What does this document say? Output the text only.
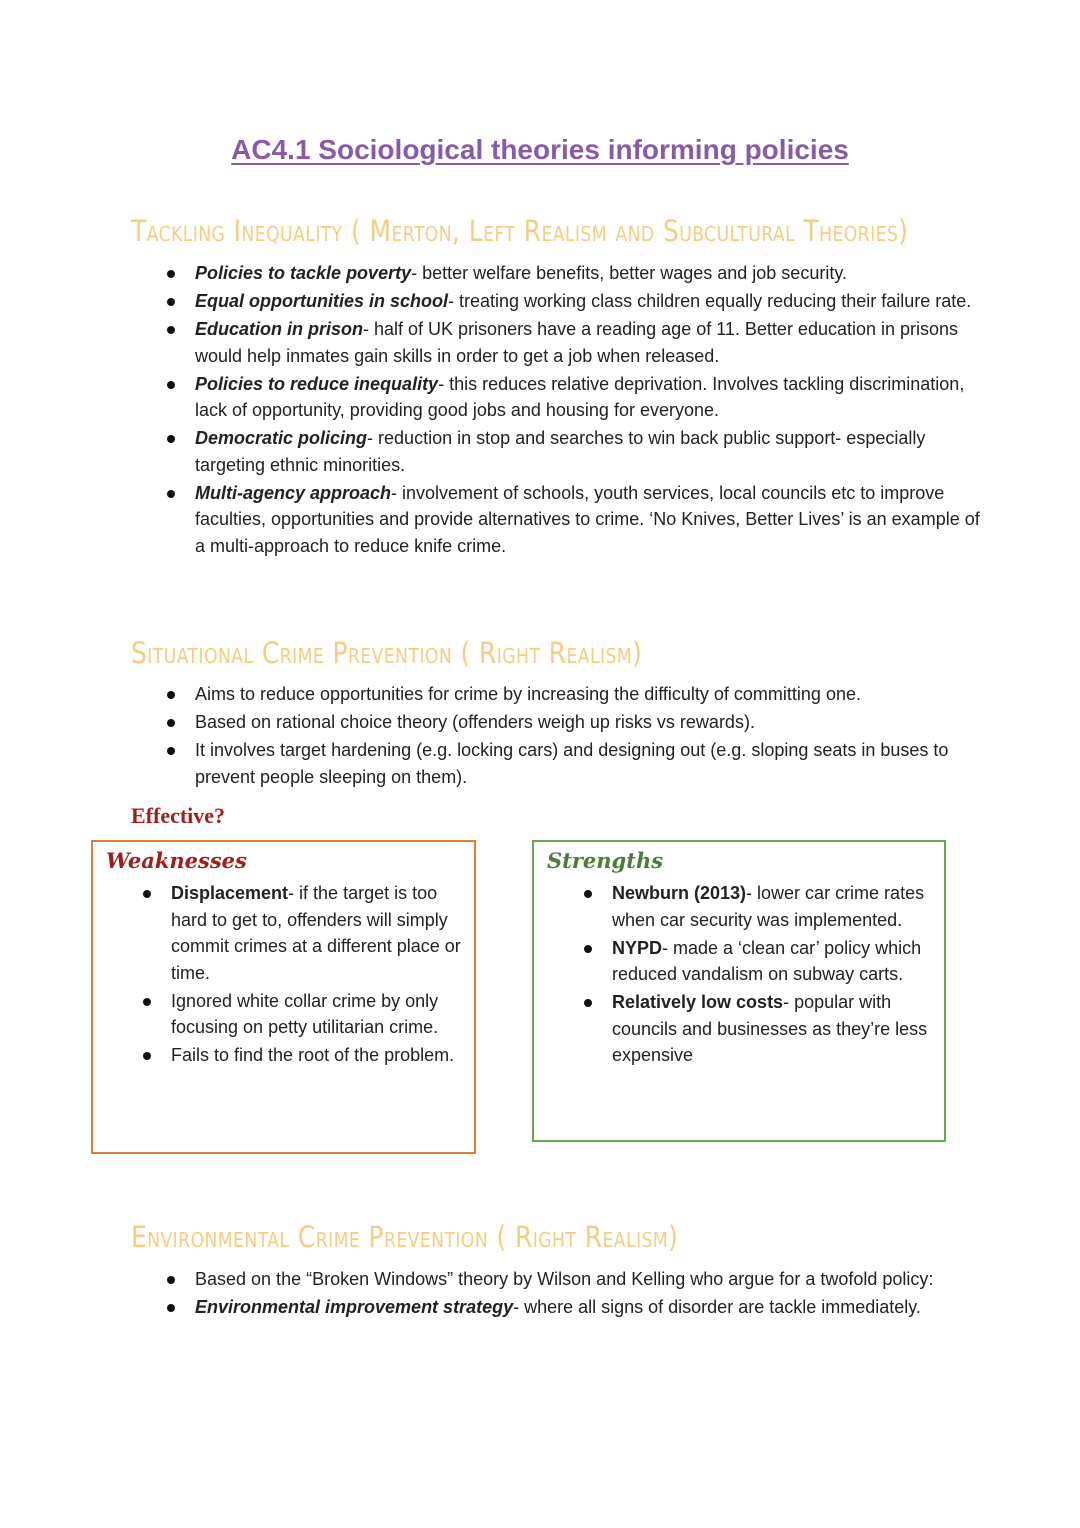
AC4.1 Sociological theories informing policies
Tackling Inequality ( Merton, Left Realism and Subcultural Theories)
Policies to tackle poverty- better welfare benefits, better wages and job security.
Equal opportunities in school- treating working class children equally reducing their failure rate.
Education in prison- half of UK prisoners have a reading age of 11. Better education in prisons would help inmates gain skills in order to get a job when released.
Policies to reduce inequality- this reduces relative deprivation. Involves tackling discrimination, lack of opportunity, providing good jobs and housing for everyone.
Democratic policing- reduction in stop and searches to win back public support- especially targeting ethnic minorities.
Multi-agency approach- involvement of schools, youth services, local councils etc to improve faculties, opportunities and provide alternatives to crime. ‘No Knives, Better Lives’ is an example of a multi-approach to reduce knife crime.
Situational Crime Prevention ( Right Realism)
Aims to reduce opportunities for crime by increasing the difficulty of committing one.
Based on rational choice theory (offenders weigh up risks vs rewards).
It involves target hardening (e.g. locking cars) and designing out (e.g. sloping seats in buses to prevent people sleeping on them).
Effective?
Weaknesses
Displacement- if the target is too hard to get to, offenders will simply commit crimes at a different place or time.
Ignored white collar crime by only focusing on petty utilitarian crime.
Fails to find the root of the problem.
Strengths
Newburn (2013)- lower car crime rates when car security was implemented.
NYPD- made a ‘clean car’ policy which reduced vandalism on subway carts.
Relatively low costs- popular with councils and businesses as they’re less expensive
Environmental Crime Prevention ( Right Realism)
Based on the “Broken Windows” theory by Wilson and Kelling who argue for a twofold policy:
Environmental improvement strategy- where all signs of disorder are tackle immediately.
